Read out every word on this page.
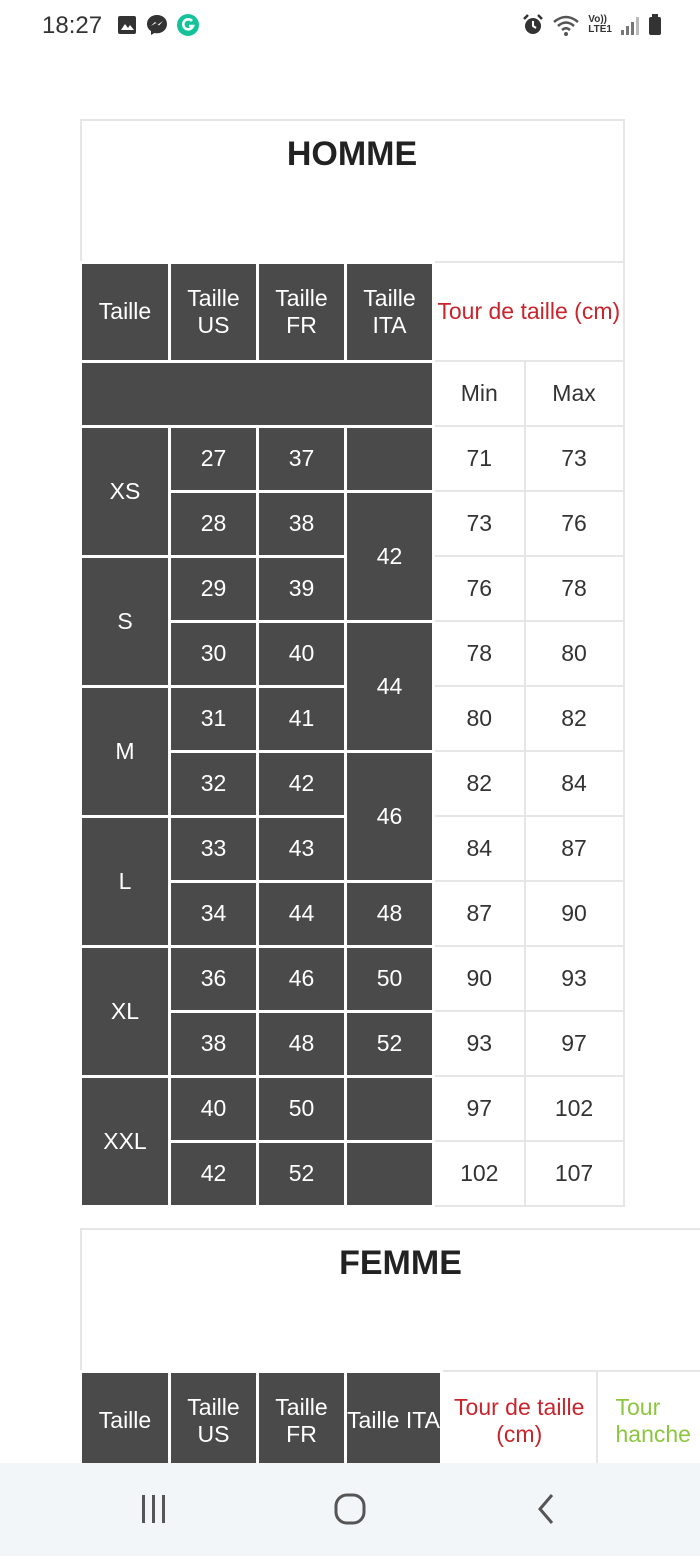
18:27	Vo))
LTE1
HOMME					
Taille	Taille US	Taille FR	Taille ITA	Tour de taille (cm)	
				Min	Max
XS	27	37		71	73
	28	38	42	73	76
S	29	39		76	78
	30	40	44	78	80
M	31	41		80	82
	32	42	46	82	84
L	33	43		84	87
	34	44	48	87	90
XL	36	46	50	90	93
	38	48	52	93	97
XXL	40	50		97	102
	42	52		102	107
FEMME
Taille	Taille US	Taille FR	Taille ITA	Tour de taille (cm)	Tour hanche
